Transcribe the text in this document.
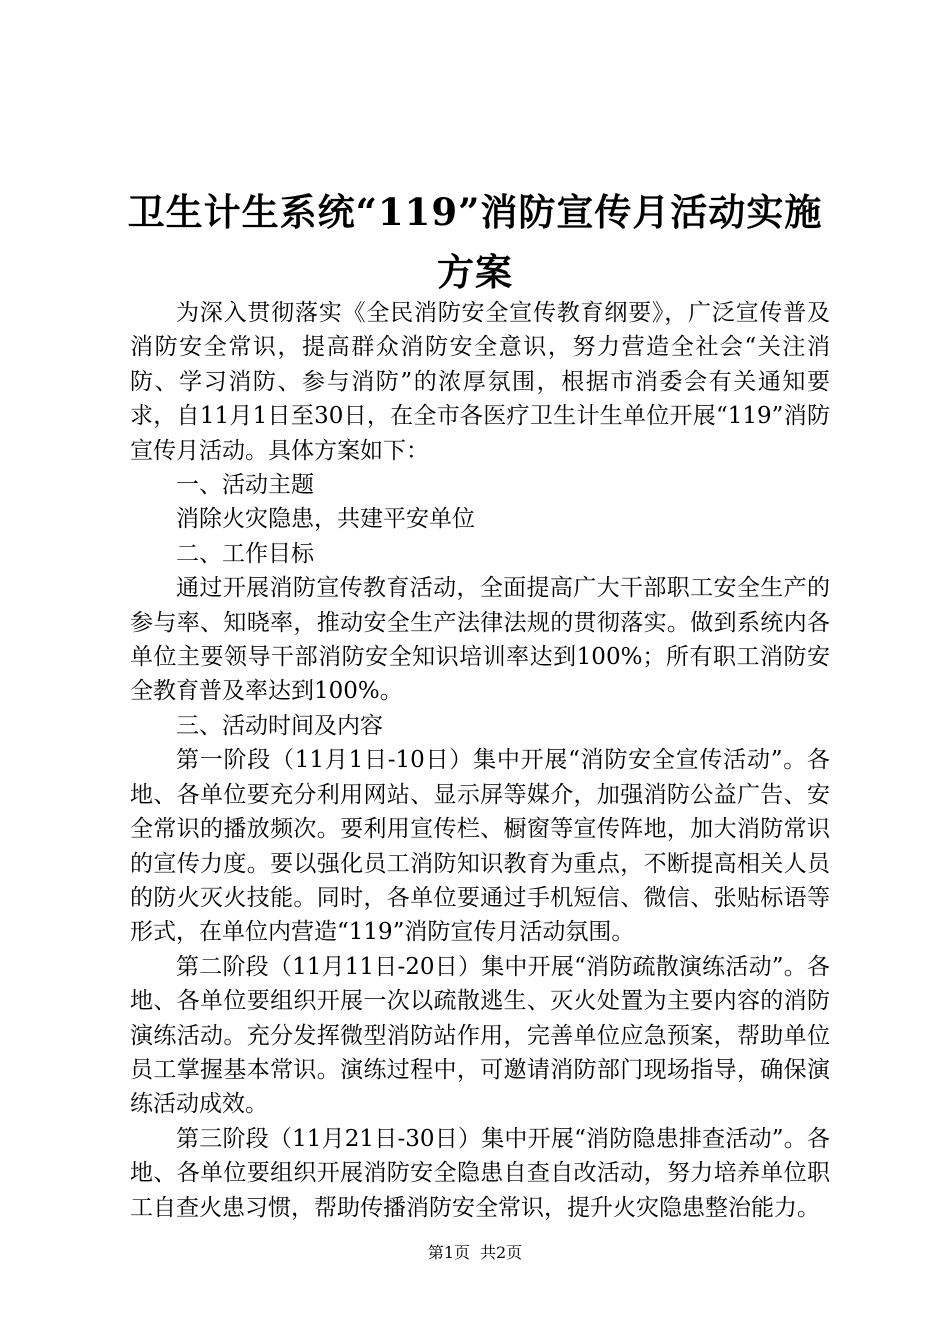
卫生计生系统“119”消防宣传月活动实施方案

为深入贯彻落实《全民消防安全宣传教育纲要》，广泛宣传普及消防安全常识，提高群众消防安全意识，努力营造全社会“关注消防、学习消防、参与消防”的浓厚氛围，根据市消委会有关通知要求，自11月1日至30日，在全市各医疗卫生计生单位开展“119”消防宣传月活动。具体方案如下：

一、活动主题

消除火灾隐患，共建平安单位

二、工作目标

通过开展消防宣传教育活动，全面提高广大干部职工安全生产的参与率、知晓率，推动安全生产法律法规的贯彻落实。做到系统内各单位主要领导干部消防安全知识培训率达到100%；所有职工消防安全教育普及率达到100%。

三、活动时间及内容

第一阶段（11月1日-10日）集中开展“消防安全宣传活动”。各地、各单位要充分利用网站、显示屏等媒介，加强消防公益广告、安全常识的播放频次。要利用宣传栏、橱窗等宣传阵地，加大消防常识的宣传力度。要以强化员工消防知识教育为重点，不断提高相关人员的防火灭火技能。同时，各单位要通过手机短信、微信、张贴标语等形式，在单位内营造“119”消防宣传月活动氛围。

第二阶段（11月11日-20日）集中开展“消防疏散演练活动”。各地、各单位要组织开展一次以疏散逃生、灭火处置为主要内容的消防演练活动。充分发挥微型消防站作用，完善单位应急预案，帮助单位员工掌握基本常识。演练过程中，可邀请消防部门现场指导，确保演练活动成效。

第三阶段（11月21日-30日）集中开展“消防隐患排查活动”。各地、各单位要组织开展消防安全隐患自查自改活动，努力培养单位职工自查火患习惯，帮助传播消防安全常识，提升火灾隐患整治能力。

第1页 共2页
